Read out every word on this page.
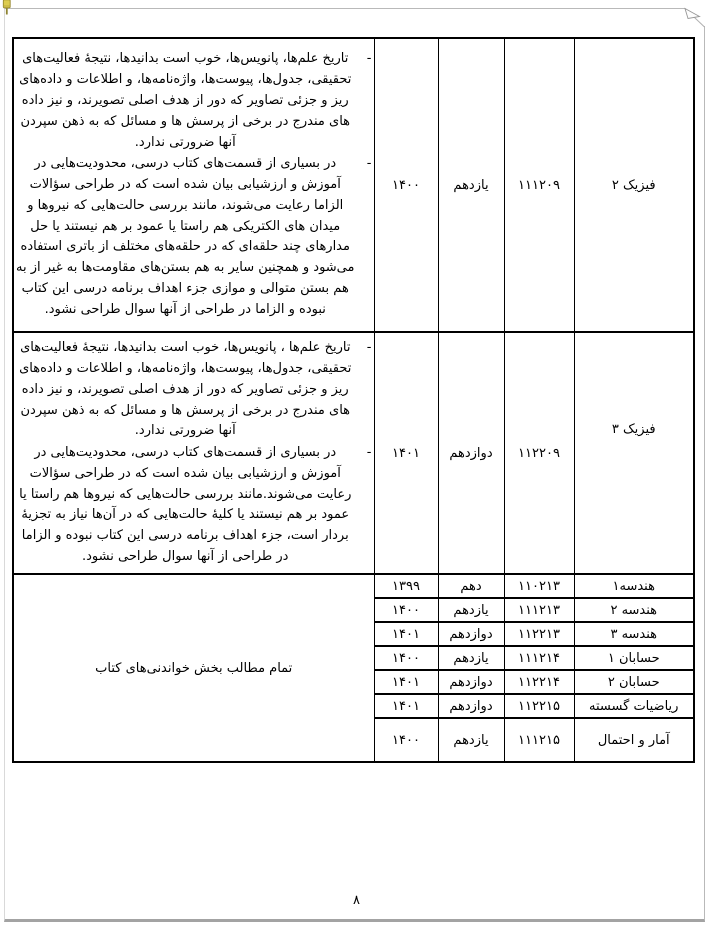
فیزیک ۲	۱۱۱۲۰۹	یازدهم	۱۴۰۰	-
تاریخ علم‌ها، پانویس‌ها، خوب است بدانیدها، نتیجهٔ فعالیت‌های تحقیقی، جدول‌ها، پیوست‌ها، واژه‌نامه‌ها، و اطلاعات و داده‌های ریز و جزئی تصاویر که دور از هدف اصلی تصویرند، و نیز داده های مندرج در برخی از پرسش ها و مسائل که به ذهن سپردن آنها ضرورتی ندارد.
-
در بسیاری از قسمت‌های کتاب درسی، محدودیت‌هایی در آموزش و ارزشیابی بیان شده است که در طراحی سؤالات الزاما رعایت می‌شوند، مانند بررسی حالت‌هایی که نیروها و میدان های الکتریکی هم راستا یا عمود بر هم نیستند یا حل مدارهای چند حلقه‌ای که در حلقه‌های مختلف از باتری استفاده می‌شود و همچنین سایر به هم بستن‌های مقاومت‌ها به غیر از به هم بستن متوالی و موازی جزء اهداف برنامه درسی این کتاب نبوده و الزاما در طراحی از آنها سوال طراحی نشود.

فیزیک ۳	۱۱۲۲۰۹	دوازدهم	۱۴۰۱	-
تاریخ علم‌ها ، پانویس‌ها، خوب است بدانیدها، نتیجهٔ فعالیت‌های تحقیقی، جدول‌ها، پیوست‌ها، واژه‌نامه‌ها، و اطلاعات و داده‌های ریز و جزئی تصاویر که دور از هدف اصلی تصویرند، و نیز داده های مندرج در برخی از پرسش ها و مسائل که به ذهن سپردن آنها ضرورتی ندارد.
-
در بسیاری از قسمت‌های کتاب درسی، محدودیت‌هایی در آموزش و ارزشیابی بیان شده است که در طراحی سؤالات رعایت می‌شوند.مانند بررسی حالت‌هایی که نیروها هم راستا یا عمود بر هم نیستند یا کلیهٔ حالت‌هایی که در آن‌ها نیاز به تجزیهٔ بردار است، جزء اهداف برنامه درسی این کتاب نبوده و الزاما در طراحی از آنها سوال طراحی نشود.

هندسه۱	۱۱۰۲۱۳	دهم	۱۳۹۹	تمام مطالب بخش خواندنی‌های کتاب
هندسه ۲	۱۱۱۲۱۳	یازدهم	۱۴۰۰	
هندسه ۳	۱۱۲۲۱۳	دوازدهم	۱۴۰۱	
حسابان ۱	۱۱۱۲۱۴	یازدهم	۱۴۰۰	
حسابان ۲	۱۱۲۲۱۴	دوازدهم	۱۴۰۱	
ریاضیات گسسته	۱۱۲۲۱۵	دوازدهم	۱۴۰۱	
آمار و احتمال	۱۱۱۲۱۵	یازدهم	۱۴۰۰	
۸
